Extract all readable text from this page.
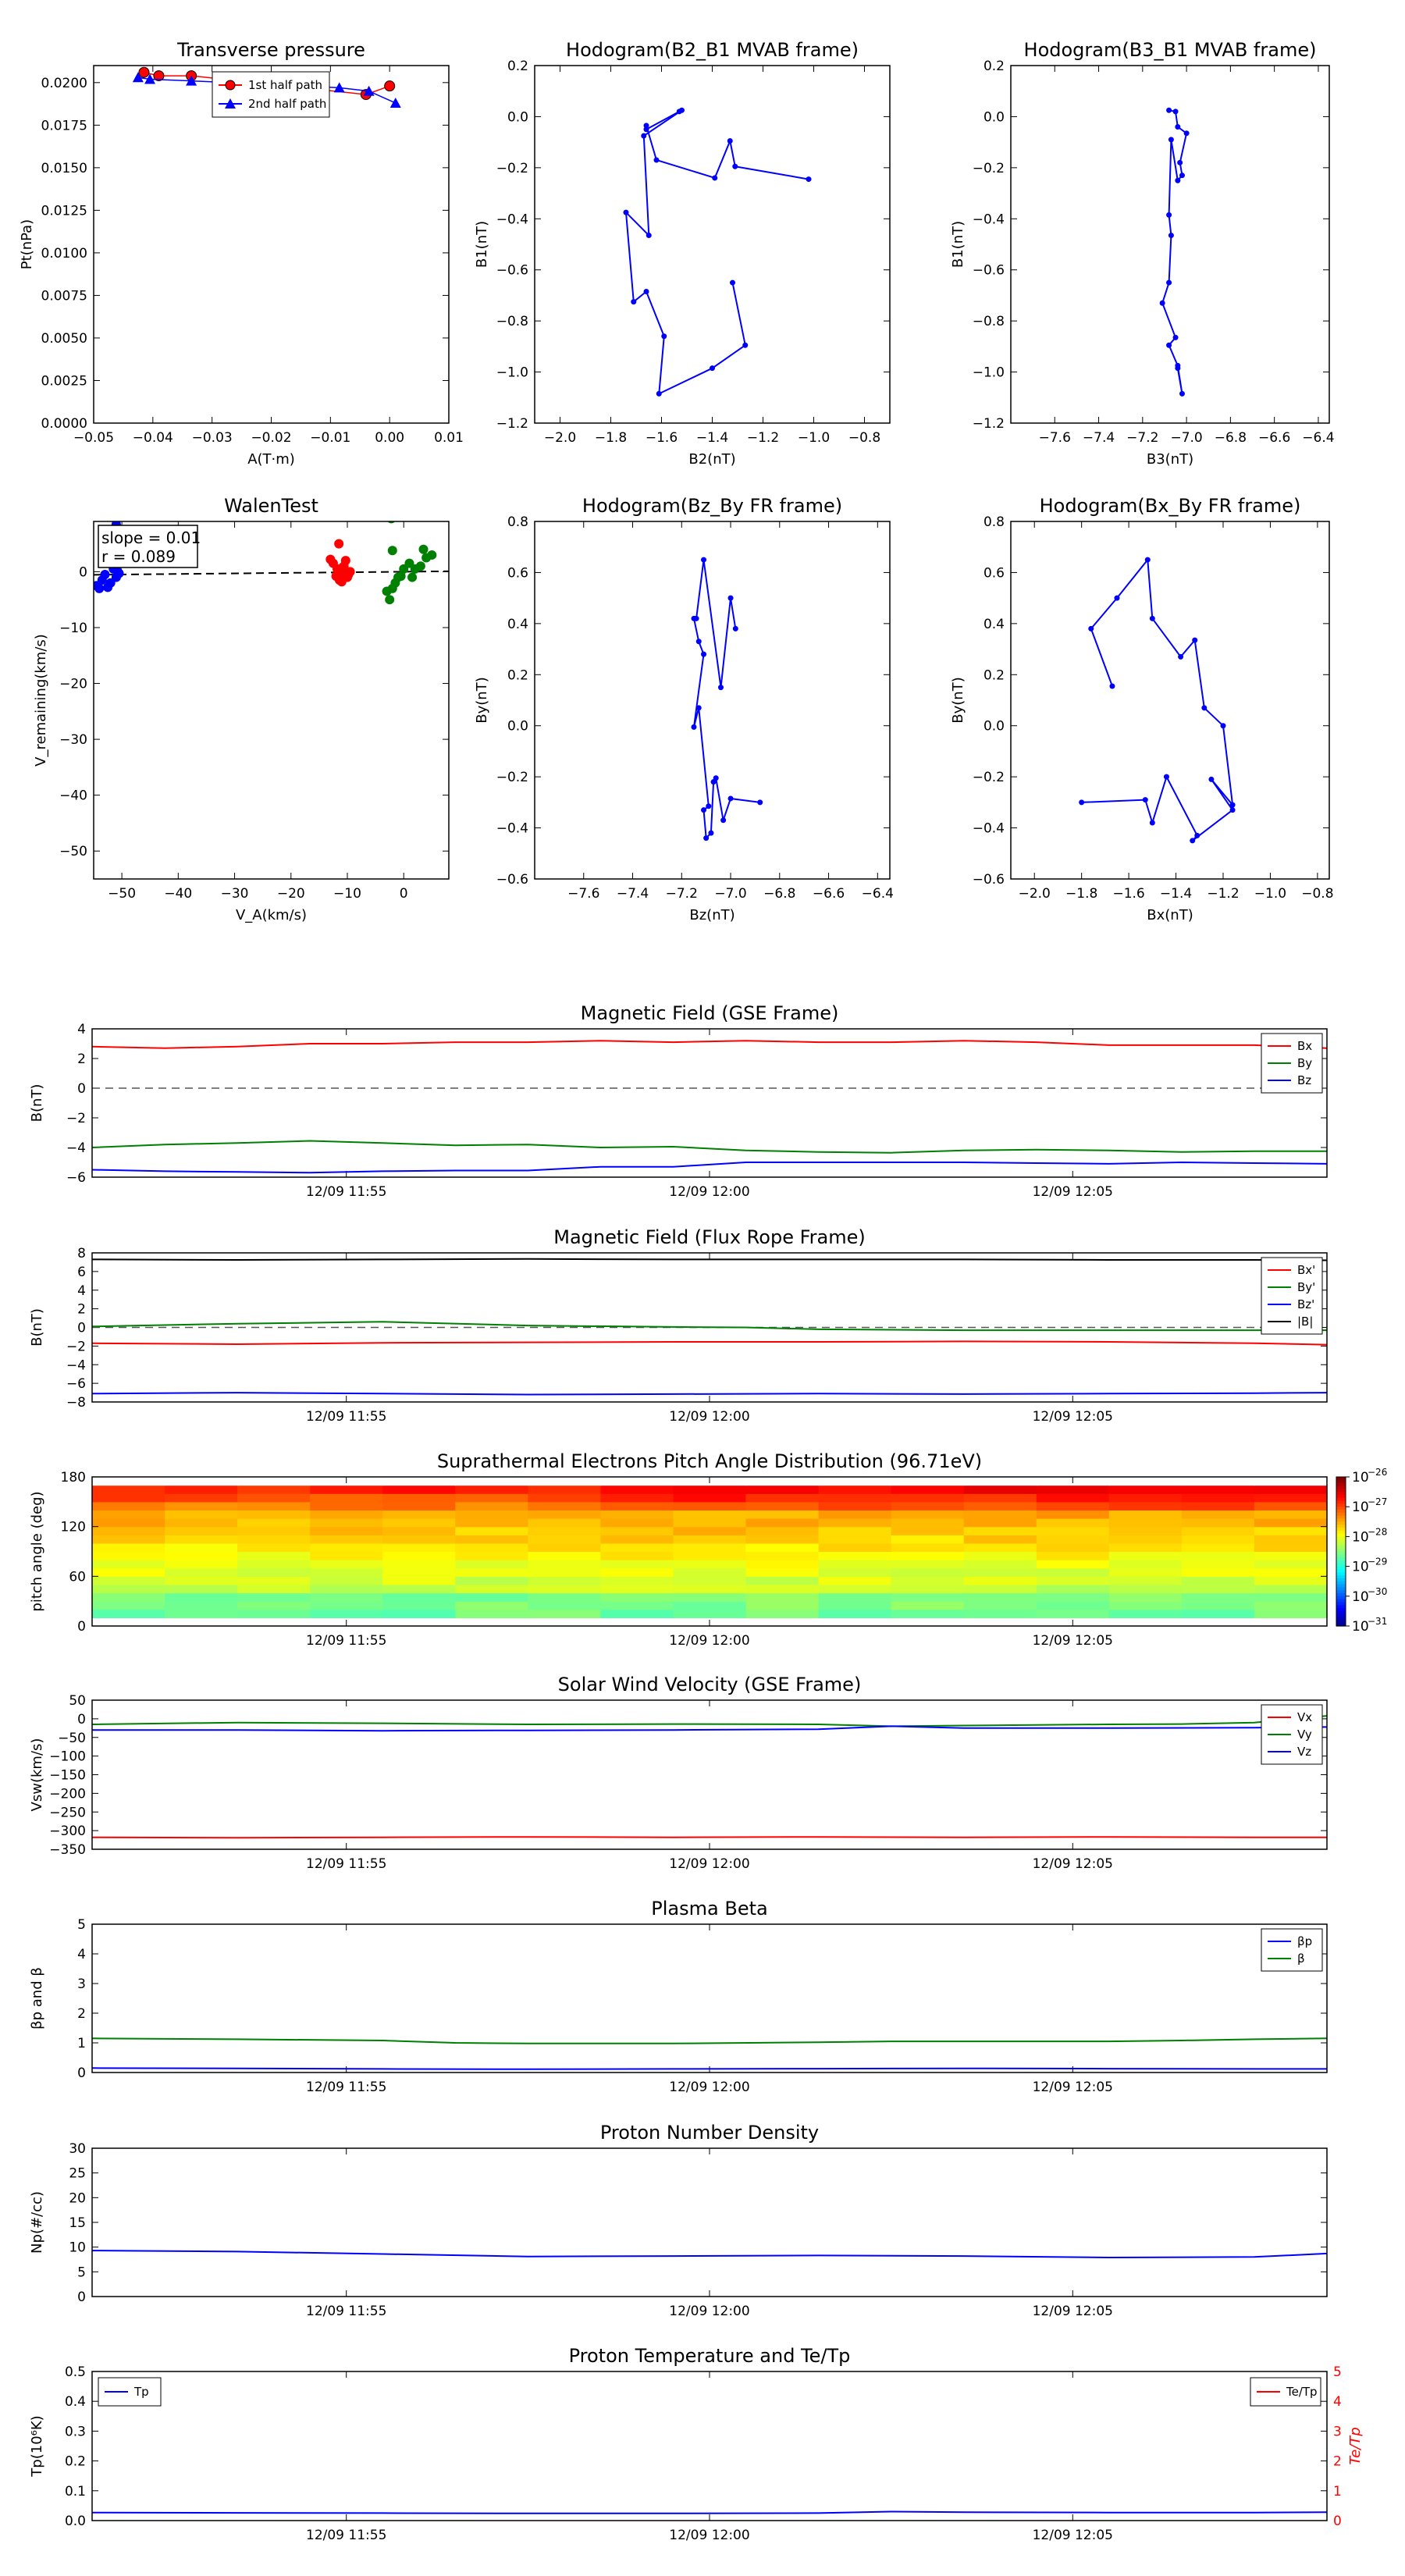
Transverse pressure
−0.05 −0.04 −0.03 −0.02 −0.01 0.00 0.01
0.0000
0.0025
0.0050
0.0075
0.0100
0.0125
0.0150
0.0175
0.0200
A(T·m)
Pt(nPa)
1st half path
2nd half path
Hodogram(B2_B1 MVAB frame)
−2.0 −1.8 −1.6 −1.4 −1.2 −1.0 −0.8
−1.2
−1.0
−0.8
−0.6
−0.4
−0.2
0.0
0.2
B2(nT)
B1(nT)
Hodogram(B3_B1 MVAB frame)
−7.6 −7.4 −7.2 −7.0 −6.8 −6.6 −6.4
−1.2
−1.0
−0.8
−0.6
−0.4
−0.2
0.0
0.2
B3(nT)
B1(nT)
Hodogram(Bz_By FR frame)
−7.6 −7.4 −7.2 −7.0 −6.8 −6.6 −6.4
−0.6
−0.4
−0.2
0.0
0.2
0.4
0.6
0.8
Bz(nT)
By(nT)
Hodogram(Bx_By FR frame)
−2.0 −1.8 −1.6 −1.4 −1.2 −1.0 −0.8
−0.6
−0.4
−0.2
0.0
0.2
0.4
0.6
0.8
Bx(nT)
By(nT)
WalenTest
−50 −40 −30 −20 −10	0
−50
−40
−30
−20
−10
0
V_A(km/s)
V_remaining(km/s)
slope = 0.01
r = 0.089
Magnetic Field (GSE Frame)
12/09 11:55	12/09 12:00	12/09 12:05
−6
−4
−2
0
2
4
B(nT)
Bx
By
Bz
Magnetic Field (Flux Rope Frame)
12/09 11:55	12/09 12:00	12/09 12:05
−8
−6
−4
−2
0
2
4
6
8
B(nT)
Bx'
By'
Bz'
|B|
Solar Wind Velocity (GSE Frame)
12/09 11:55	12/09 12:00	12/09 12:05
−350
−300
−250
−200
−150
−100
−50
0
50
Vsw(km/s)
Vx
Vy
Vz
Plasma Beta
12/09 11:55	12/09 12:00	12/09 12:05
0
1
2
3
4
5
βp and β
βp
β
Proton Number Density
12/09 11:55	12/09 12:00	12/09 12:05
0
5
10
15
20
25
30
Np(#/cc)
Proton Temperature and Te/Tp
12/09 11:55	12/09 12:00	12/09 12:05
0.0
0.1
0.2
0.3
0.4
0.5
Tp(10⁶K)
0
1
2
3
4
5
Te/Tp
Tp	Te/Tp
Suprathermal Electrons Pitch Angle Distribution (96.71eV)
12/09 11:55	12/09 12:00	12/09 12:05
0
60
120
180
pitch angle (deg)
10
−26
10
−27
10
−28
10
−29
10
−30
10
−31
